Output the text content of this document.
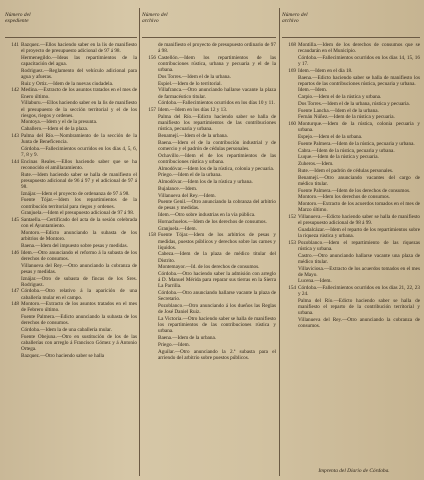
Número del expediente
141 Bazquez.—Ellos haciendo saber en la lis de manifiesto el proyecto de presupuesto adicional de 97 á 98.
Hermenegildo.—Ideas las repartimientos de la capacitación del agua.
Rodriguez.—Reglamento del vehículo adicional para agua y afueras.
Ruiz y Ortiz.—Idem de la nuevas ciudadela.
142 Medina.—Extracto de los asuntos tratados en el mes de Enero último.
Villaburu.—Ellos haciendo saber en la lis de manifiesto el presupuesto de la sección territorial y el de los riesgos, riegos y ordenes.
Montoya.—Idem y el de la presunta.
Caballero.—Idem el de la plaza.
143 Palma del Río.—Nombramiento de la sección de la Junta de Beneficencia.
Córdoba.—Fallecimientos ocurridos en los días 4, 5, 6, 7, 8 y 9.
144 Encinas Reales.—Ellos haciendo saber que se ha reconocido el amillaramiento.
Rute.—Idem haciendo saber se halla de manifiesto el presupuesto adicional de 96 á 97 y el adicional de 97 á 98.
Iznájar.—Idem el proyecto de ordenanza de 97 á 98.
Fuente Tójar.—Idem los repartimientos de la contribución territorial para riegos y ordenes.
Granjuela.—Idem el presupuesto adicional de 97 á 98.
145 Santaella.—Certificado del acta de la sesión celebrada con el Ayuntamiento.
Montoro.—Edicto anunciando la subasta de los arbitrios de Montoro.
Baena.—Idem del impuesto sobre pesas y medidas.
146 Idem.—Otro anunciando el reformo á la subasta de los derechos de consumos.
Villanueva del Rey.—Otro anunciando la cobranza de pesas y medidas.
Iznájar.—Otro de subasta de fincas de los Sres. Rodriguez.
147 Córdoba.—Otro relativo á la aparición de una caballería mular en el campo.
148 Montoro.—Extracto de los asuntos tratados en el mes de Febrero último.
Fuente Palmera.—Edicto anunciando la subasta de los derechos de consumos.
Córdoba.—Idem la de una caballería mular.
Fuente Obejuna.—Otro en sustitución de los de las caballerías con arreglo á Francisco Gómez y á Antonio Ortega.
Bazquez.—Otro haciendo saber se halla
Número del archivo
de manifiesto el proyecto de presupuesto ordinario de 97 á 98.
156 Castellón.—Idem los repartimientos de las contribuciones rústica, urbana y pecuaria y el de la urbana.
Dos Torres.—Idem el de la urbana.
Espiel.—Idem de lo territorial.
Villafranca.—Otro anunciando hallarse vacante la plaza de farmacéutico titular.
Córdoba.—Fallecimientos ocurridos en los días 10 y 11.
157 Idem.—Idem en los días 12 y 13.
Palma del Río.—Edicto haciendo saber se halla de manifiesto los repartimientos de las contribuciones rústica, pecuaria y urbana.
Benamejí.—Idem el de la urbana.
Baena.—Idem el de la contribución industrial y de comercio y el padrón de cédulas personales.
Ochavillo.—Idem el de los repartimientos de las contribuciones rústica y urbana.
Almodóvar.—Idem los de la rústica, colonia y pecuaria.
Priego.—Idem el de la urbana.
Almodóvar.—Idem los de la rústica y urbana.
Bujalance.—Idem.
Villanueva del Rey.—Idem.
Puente Genil.—Otro anunciando la cobranza del arbitrio de pesas y medidas.
Idem.—Otro sobre industrias en la vía pública.
Hornachuelos.—Idem de los derechos de consumos.
Granjuela.—Idem.
158 Fuente Tójar.—Idem de los arbitrios de pesas y medidas, puestos públicos y derechos sobre las carnes y líquidos.
Cabeza.—Idem de la plaza de médico titular del Distrito.
Montemayor.—Id. de los derechos de consumos.
Córdoba.—Otro haciendo saber la admisión con arreglo á D. Manuel Mérida para reparar sus tierras en la Sierra La Parrilla.
Córdoba.—Otro anunciando hallarse vacante la plaza de Secretario.
Pozoblanco.—Otro anunciando á los dueños las Reglas de José Daniel Ruiz.
La Victoria.—Otro haciendo saber se halla de manifiesto los repartimientos de las contribuciones rústica y urbana.
Baena.—Idem de la urbana.
Priego.—Idem.
Aguilar.—Otro anunciando la 2.ª subasta para el arriendo del arbitrio sobre puestos públicos.
Número del archivo
168 Montilla.—Idem de los derechos de consumos que se recaudarán en el Municipio.
Córdoba.—Fallecimientos ocurridos en los días 14, 15, 16 y 17.
169 Idem.—Idem en el día 18.
Baena.—Edicto haciendo saber se halla de manifiesto los repartos de las contribuciones rústica, pecuaria y urbana.
Idem.—Idem.
Carpio.—Idem el de la rústica y urbana.
Dos Torres.—Idem el de la urbana, rústica y pecuaria.
Fuente Lancha.—Idem el de la urbana.
Fernán Núñez.—Idem de la rústica y pecuaria.
160 Monturque.—Idem de la rústica, colonia pecuaria y urbana.
Espejo.—Idem el de la urbana.
Fuente Palmera.—Idem de la rústica, pecuaria y urbana.
Cabra.—Idem de la rústica, pecuaria y urbana.
Luque.—Idem de la rústica y pecuaria.
Zuheros.—Idem.
Rute.—Idem el padrón de cédulas personales.
Benamejí.—Otro anunciando vacantes del cargo de médico titular.
Fuente Palmera.—Idem de los derechos de consumos.
Montoro.—Idem los derechos de consumos.
Montoro.—Extracto de los acuerdos tomados en el mes de Marzo último.
152 Villanueva.—Edicto haciendo saber se halla de manifiesto el presupuesto adicional de 98 á 99.
Guadalcázar.—Idem el reparto de los repartimientos sobre la riqueza rústica y urbana.
153 Pozoblanco.—Idem el repartimiento de las riquezas rústica y urbana.
Castro.—Otro anunciando hallarse vacante una plaza de médico titular.
Villaviciosa.—Extracto de los acuerdos tomados en el mes de Mayo.
Lucena.—Idem.
154 Córdoba.—Fallecimientos ocurridos en los días 21, 22, 23 y 24.
Palma del Río.—Edicto haciendo saber se halla de manifiesto el reparto de la contribución territorial y urbana.
Villanueva del Rey.—Otro anunciando la cobranza de consumos.
Imprenta del Diario de Córdoba.
